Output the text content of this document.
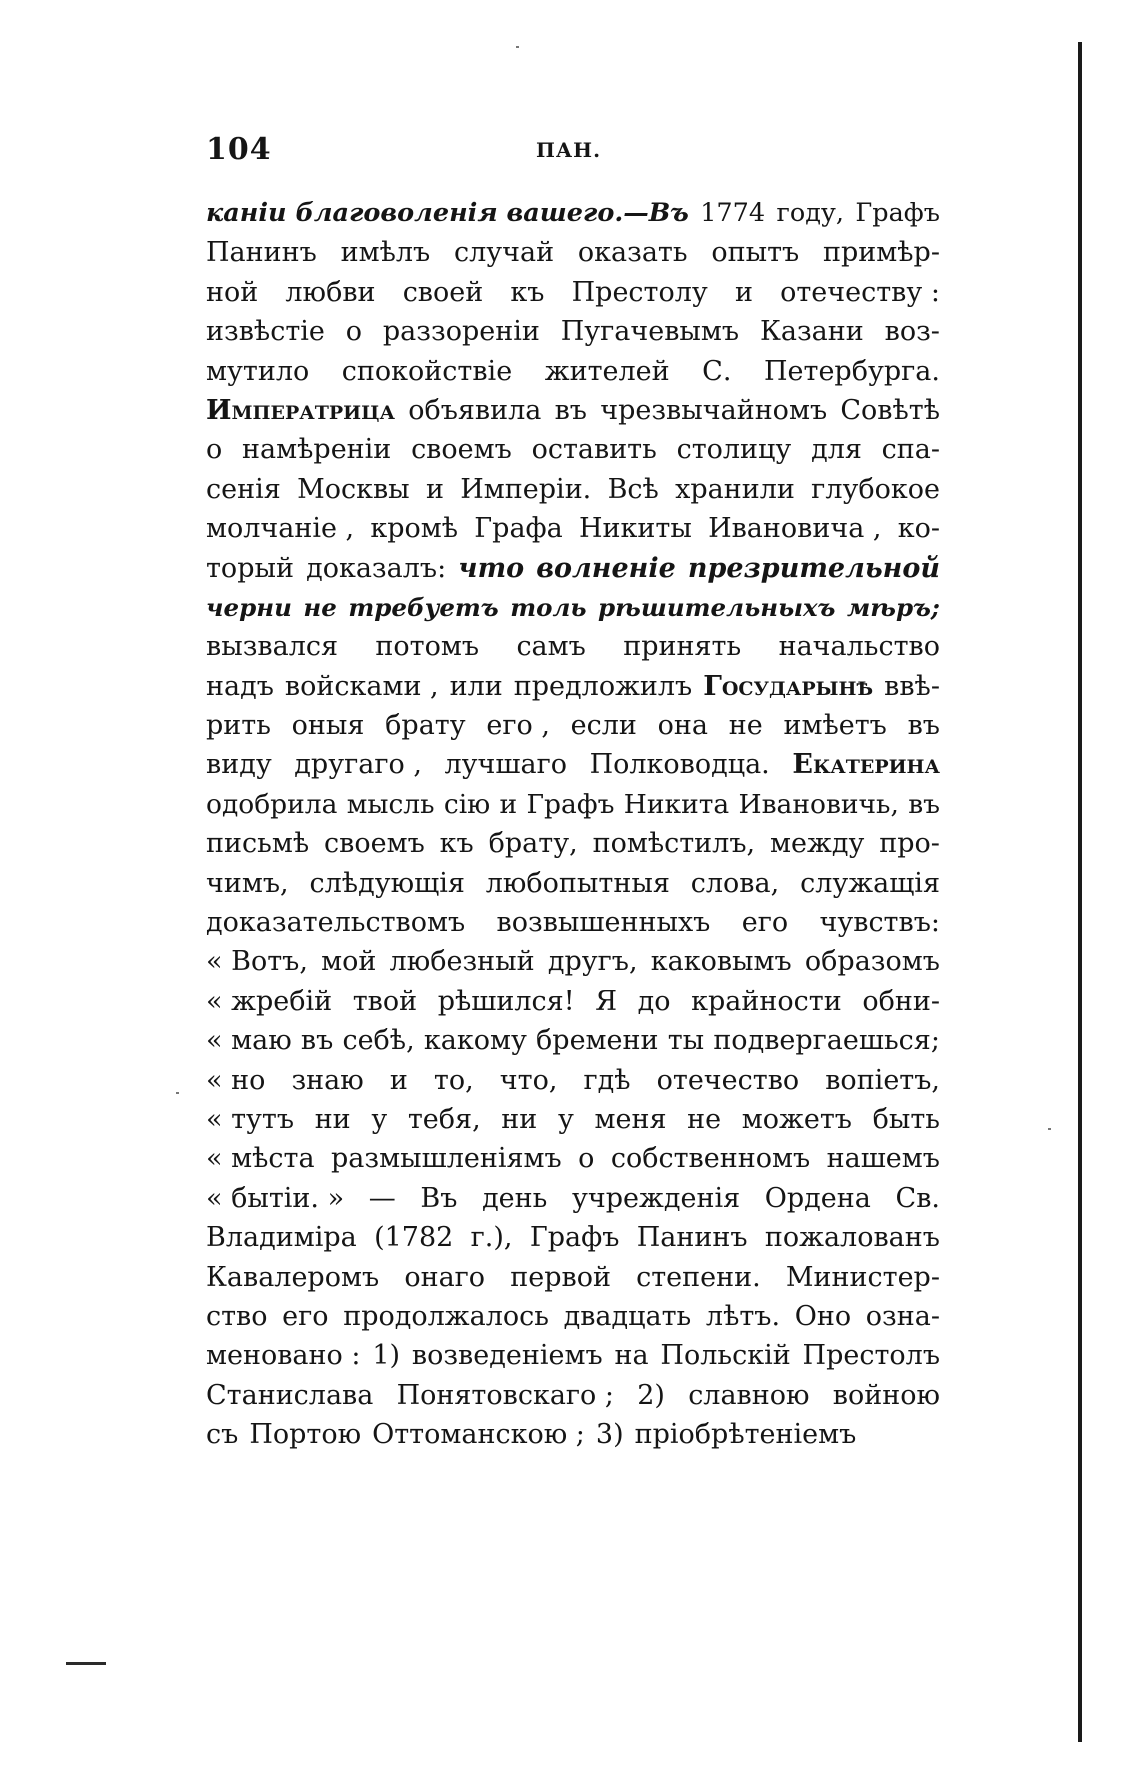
104	ПАН.
каніи благоволенія вашего.—Въ 1774 году, Графъ
Панинъ имѣлъ случай оказать опытъ примѣр-
ной любви своей къ Престолу и отечеству :
извѣстіе о раззореніи Пугачевымъ Казани воз-
мутило спокойствіе жителей С. Петербурга.
Императрица объявила въ чрезвычайномъ Совѣтѣ
о намѣреніи своемъ оставить столицу для спа-
сенія Москвы и Имперіи. Всѣ хранили глубокое
молчаніе , кромѣ Графа Никиты Ивановича , ко-
торый доказалъ: что волненіе презрительной
черни не требуетъ толь рѣшительныхъ мѣръ;
вызвался потомъ самъ принять начальство
надъ войсками , или предложилъ Государынѣ ввѣ-
рить оныя брату его , если она не имѣетъ въ
виду другаго , лучшаго Полководца. Екатерина
одобрила мысль сію и Графъ Никита Ивановичь, въ
письмѣ своемъ къ брату, помѣстилъ, между про-
чимъ, слѣдующія любопытныя слова, служащія
доказательствомъ возвышенныхъ его чувствъ:
« Вотъ, мой любезный другъ, каковымъ образомъ
« жребій твой рѣшился! Я до крайности обни-
« маю въ себѣ, какому бремени ты подвергаешься;
« но знаю и то, что, гдѣ отечество вопіетъ,
« тутъ ни у тебя, ни у меня не можетъ быть
« мѣста размышленіямъ о собственномъ нашемъ
« бытіи. » — Въ день учрежденія Ордена Св.
Владиміра (1782 г.), Графъ Панинъ пожалованъ
Кавалеромъ онаго первой степени. Министер-
ство его продолжалось двадцать лѣтъ. Оно озна-
меновано : 1) возведеніемъ на Польскій Престолъ
Станислава Понятовскаго ; 2) славною войною
съ Портою Оттоманскою ; 3) пріобрѣтеніемъ
